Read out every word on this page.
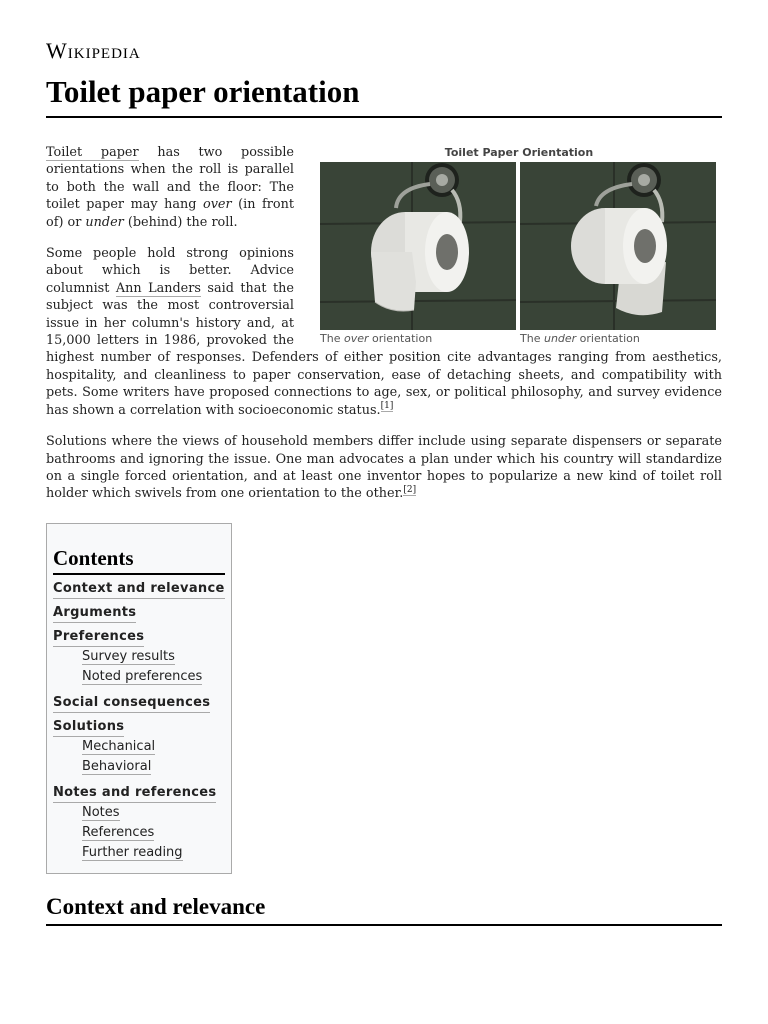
Wikipedia
Toilet paper orientation
Toilet Paper Orientation
The over orientation	The under orientation

Toilet paper has two possible orientations when the roll is parallel to both the wall and the floor: The toilet paper may hang over (in front of) or under (behind) the roll.

Some people hold strong opinions about which is better. Advice columnist Ann Landers said that the subject was the most controversial issue in her column's history and, at 15,000 letters in 1986, provoked the highest number of responses. Defenders of either position cite advantages ranging from aesthetics, hospitality, and cleanliness to paper conservation, ease of detaching sheets, and compatibility with pets. Some writers have proposed connections to age, sex, or political philosophy, and survey evidence has shown a correlation with socioeconomic status.[1]

Solutions where the views of household members differ include using separate dispensers or separate bathrooms and ignoring the issue. One man advocates a plan under which his country will standardize on a single forced orientation, and at least one inventor hopes to popularize a new kind of toilet roll holder which swivels from one orientation to the other.[2]

Contents
Context and relevance
Arguments
Preferences
Survey results
Noted preferences
Social consequences
Solutions
Mechanical
Behavioral
Notes and references
Notes
References
Further reading
Context and relevance
